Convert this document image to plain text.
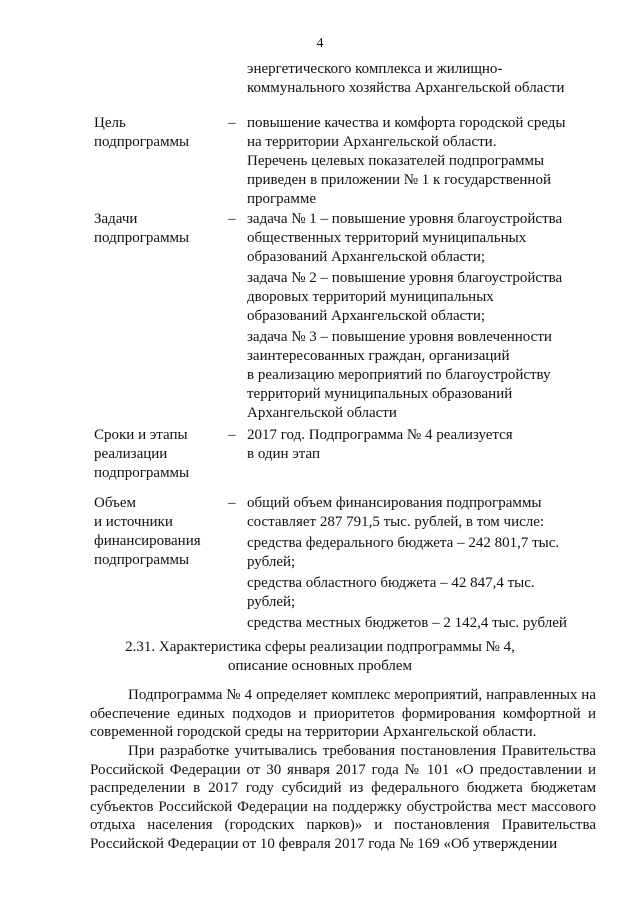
4

энергетического комплекса и жилищно-
коммунального хозяйства Архангельской области

Цель
подпрограммы
– повышение качества и комфорта городской среды
на территории Архангельской области.
Перечень целевых показателей подпрограммы
приведен в приложении № 1 к государственной
программе

Задачи
подпрограммы
– задача № 1 – повышение уровня благоустройства
общественных территорий муниципальных
образований Архангельской области;

задача № 2 – повышение уровня благоустройства
дворовых территорий муниципальных
образований Архангельской области;

задача № 3 – повышение уровня вовлеченности
заинтересованных граждан, организаций
в реализацию мероприятий по благоустройству
территорий муниципальных образований
Архангельской области

Сроки и этапы
реализации
подпрограммы
– 2017 год. Подпрограмма № 4 реализуется
в один этап

Объем
и источники
финансирования
подпрограммы
– общий объем финансирования подпрограммы
составляет 287 791,5 тыс. рублей, в том числе:

средства федерального бюджета – 242 801,7 тыс.
рублей;

средства областного бюджета – 42 847,4 тыс.
рублей;

средства местных бюджетов – 2 142,4 тыс. рублей

2.31. Характеристика сферы реализации подпрограммы № 4,
описание основных проблем

Подпрограмма № 4 определяет комплекс мероприятий, направленных на обеспечение единых подходов и приоритетов формирования комфортной и современной городской среды на территории Архангельской области.

При разработке учитывались требования постановления Правительства Российской Федерации от 30 января 2017 года № 101 «О предоставлении и распределении в 2017 году субсидий из федерального бюджета бюджетам субъектов Российской Федерации на поддержку обустройства мест массового отдыха населения (городских парков)» и постановления Правительства Российской Федерации от 10 февраля 2017 года № 169 «Об утверждении
